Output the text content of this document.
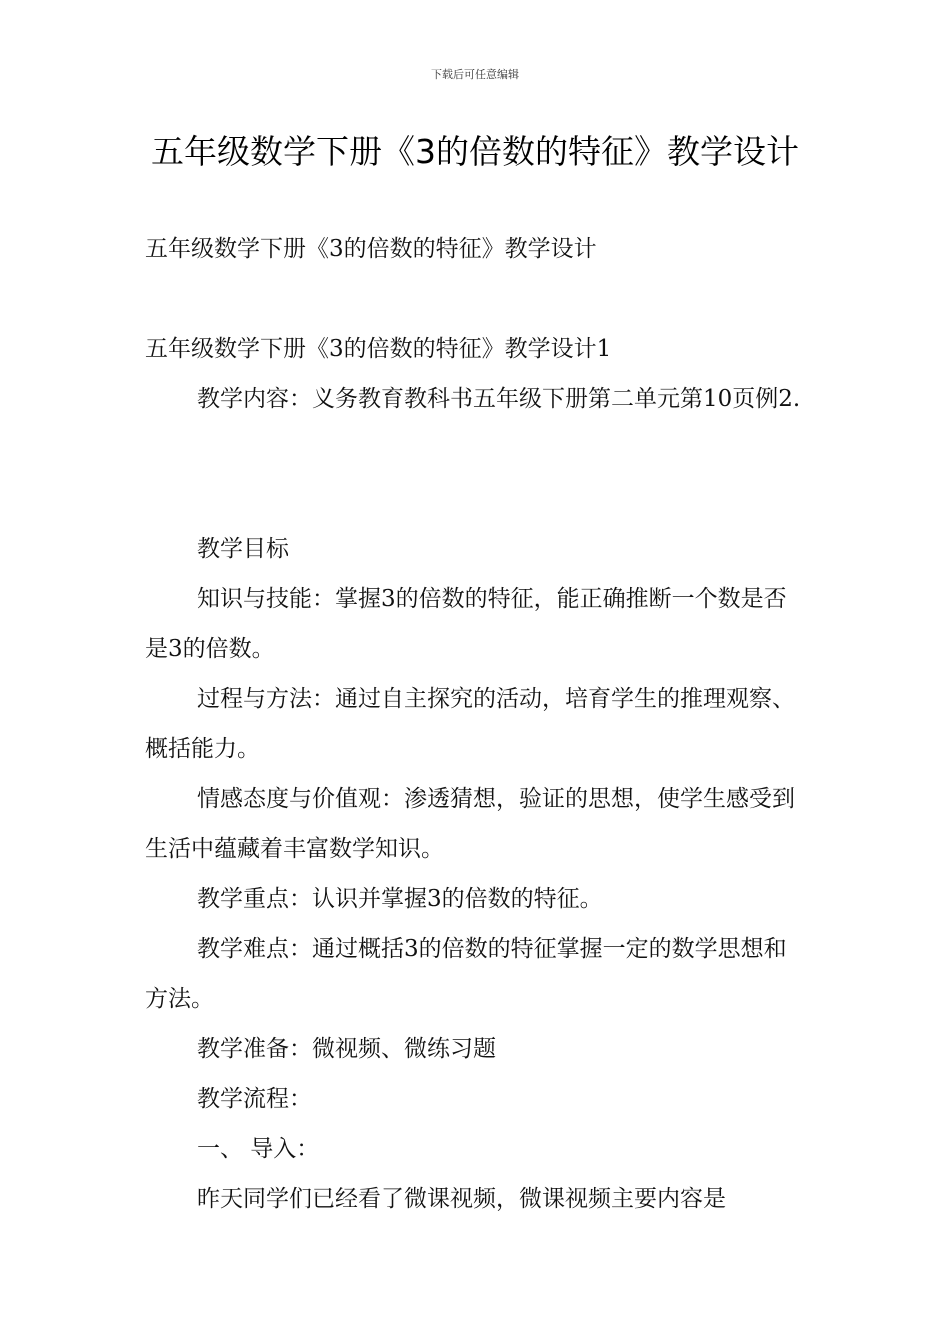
下载后可任意编辑
五年级数学下册《3的倍数的特征》教学设计

五年级数学下册《3的倍数的特征》教学设计

五年级数学下册《3的倍数的特征》教学设计1

教学内容：义务教育教科书五年级下册第二单元第10页例2.

教学目标

知识与技能：掌握3的倍数的特征，能正确推断一个数是否是3的倍数。

过程与方法：通过自主探究的活动，培育学生的推理观察、概括能力。

情感态度与价值观：渗透猜想，验证的思想，使学生感受到生活中蕴藏着丰富数学知识。

教学重点：认识并掌握3的倍数的特征。

教学难点：通过概括3的倍数的特征掌握一定的数学思想和方法。

教学准备：微视频、微练习题

教学流程：

一、 导入：

昨天同学们已经看了微课视频，微课视频主要内容是
